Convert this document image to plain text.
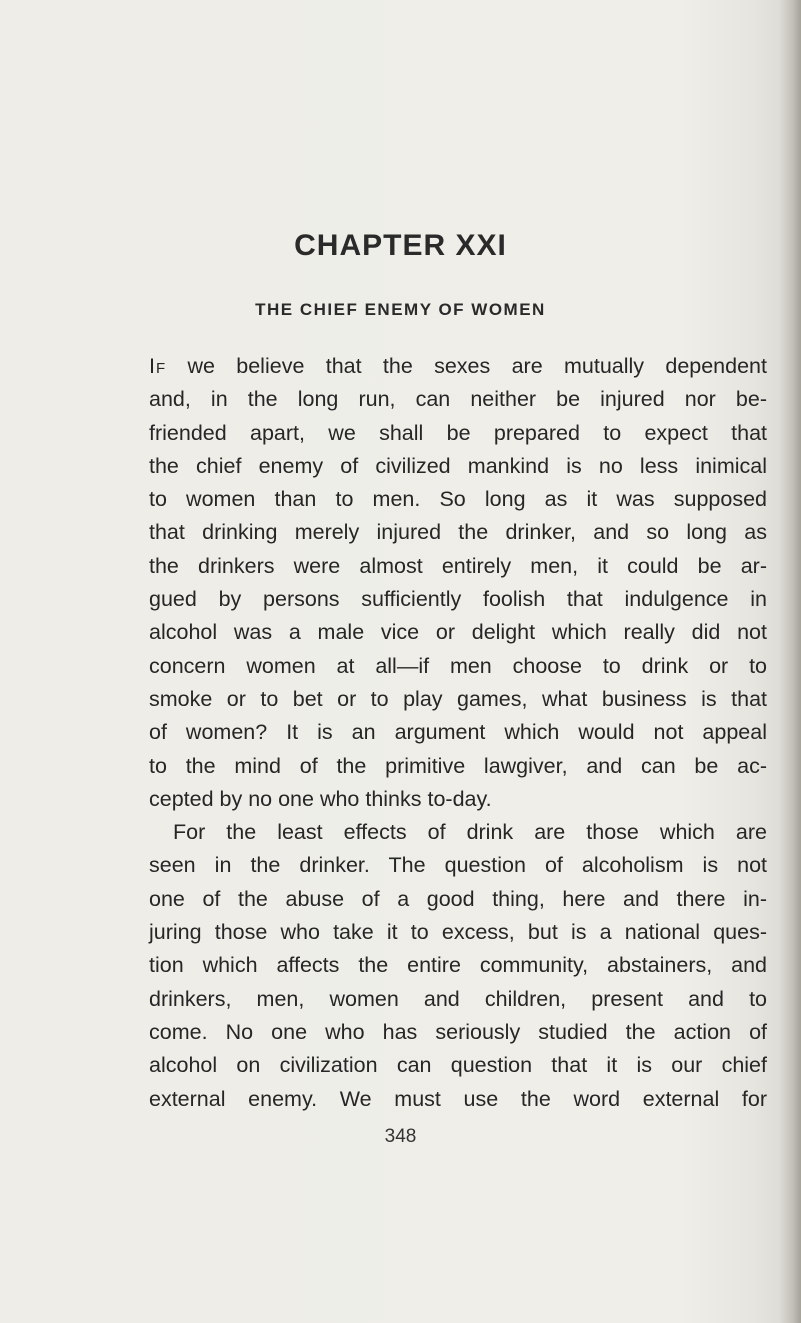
CHAPTER XXI
THE CHIEF ENEMY OF WOMEN
If we believe that the sexes are mutually dependent
and, in the long run, can neither be injured nor be-
friended apart, we shall be prepared to expect that
the chief enemy of civilized mankind is no less inimical
to women than to men. So long as it was supposed
that drinking merely injured the drinker, and so long as
the drinkers were almost entirely men, it could be ar-
gued by persons sufficiently foolish that indulgence in
alcohol was a male vice or delight which really did not
concern women at all—if men choose to drink or to
smoke or to bet or to play games, what business is that
of women? It is an argument which would not appeal
to the mind of the primitive lawgiver, and can be ac-
cepted by no one who thinks to-day.
For the least effects of drink are those which are
seen in the drinker. The question of alcoholism is not
one of the abuse of a good thing, here and there in-
juring those who take it to excess, but is a national ques-
tion which affects the entire community, abstainers, and
drinkers, men, women and children, present and to
come. No one who has seriously studied the action of
alcohol on civilization can question that it is our chief
external enemy. We must use the word external for
348
